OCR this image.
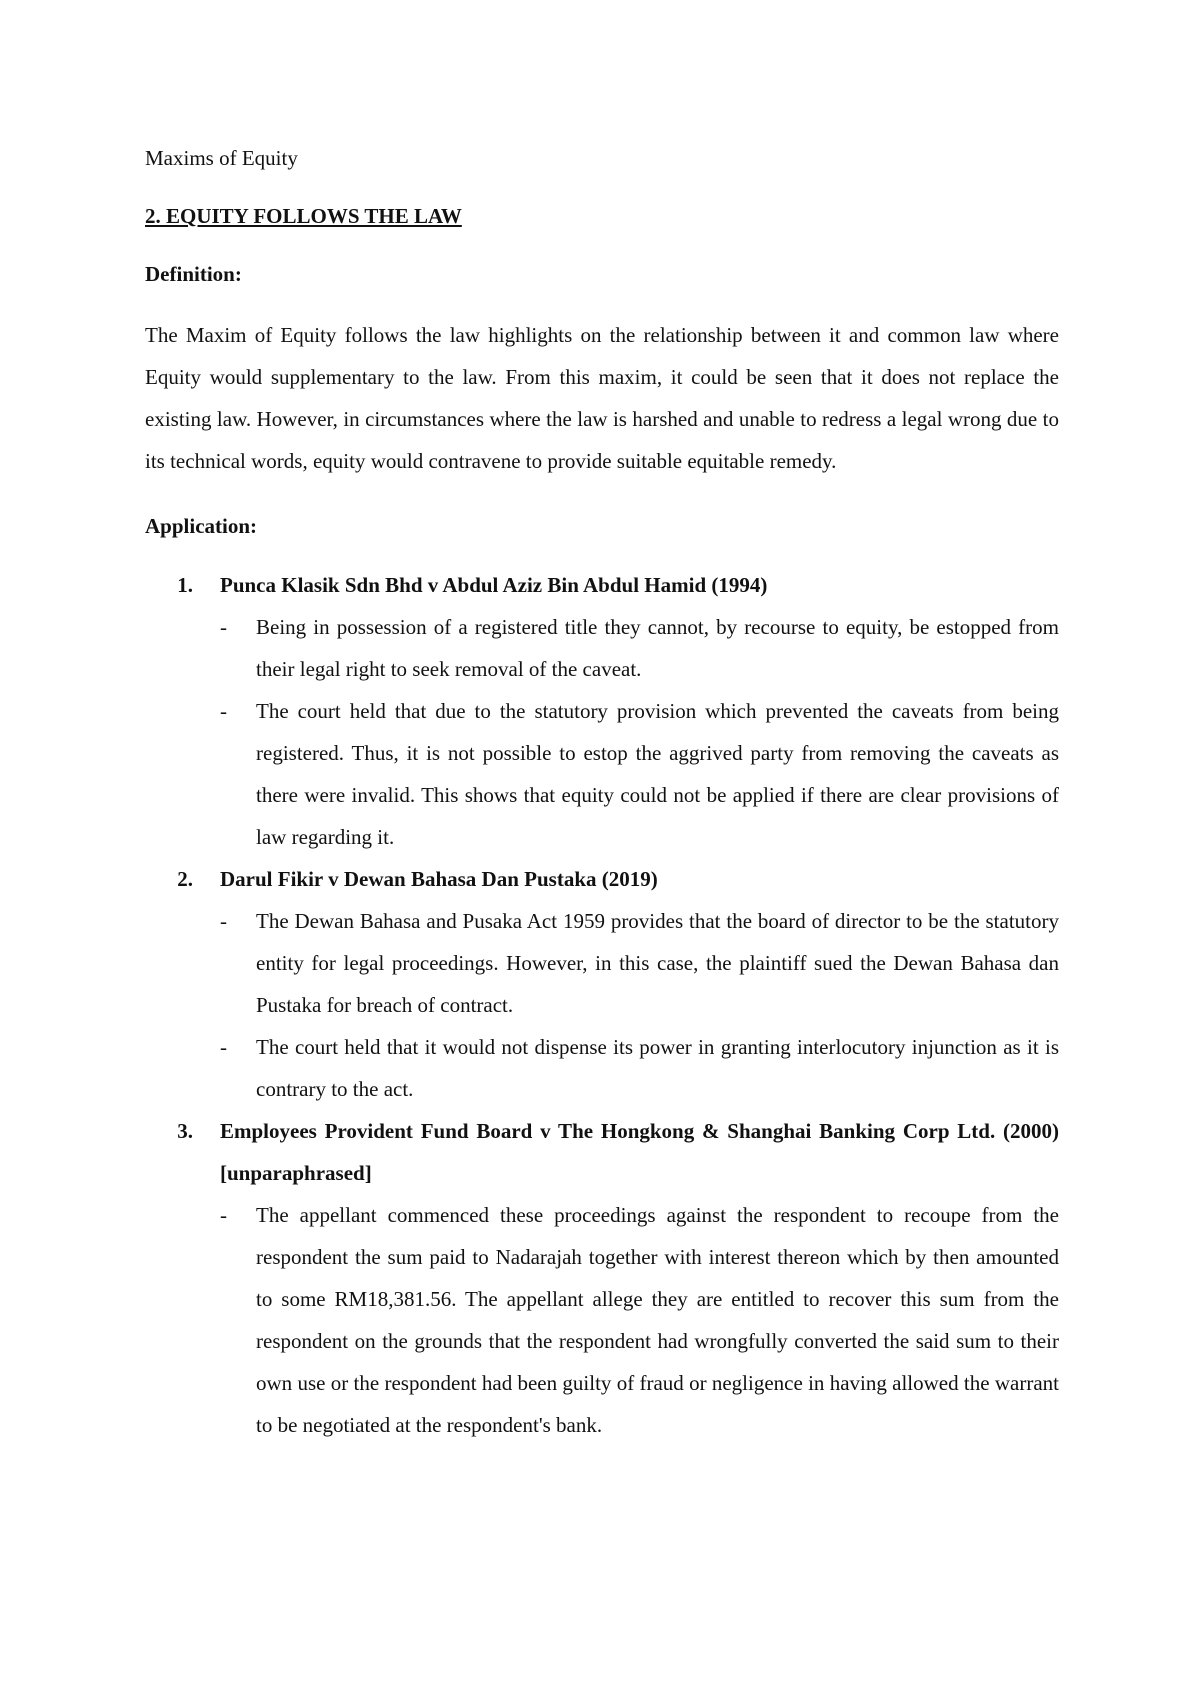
Maxims of Equity

2. EQUITY FOLLOWS THE LAW

Definition:

The Maxim of Equity follows the law highlights on the relationship between it and common law where Equity would supplementary to the law. From this maxim, it could be seen that it does not replace the existing law. However, in circumstances where the law is harshed and unable to redress a legal wrong due to its technical words, equity would contravene to provide suitable equitable remedy.

Application:

1. Punca Klasik Sdn Bhd v Abdul Aziz Bin Abdul Hamid (1994)
-	Being in possession of a registered title they cannot, by recourse to equity, be estopped from their legal right to seek removal of the caveat.
-	The court held that due to the statutory provision which prevented the caveats from being registered. Thus, it is not possible to estop the aggrived party from removing the caveats as there were invalid. This shows that equity could not be applied if there are clear provisions of law regarding it.
2. Darul Fikir v Dewan Bahasa Dan Pustaka (2019)
-	The Dewan Bahasa and Pusaka Act 1959 provides that the board of director to be the statutory entity for legal proceedings. However, in this case, the plaintiff sued the Dewan Bahasa dan Pustaka for breach of contract.
-	The court held that it would not dispense its power in granting interlocutory injunction as it is contrary to the act.
3. Employees Provident Fund Board v The Hongkong & Shanghai Banking Corp Ltd. (2000) [unparaphrased]
-	The appellant commenced these proceedings against the respondent to recoupe from the respondent the sum paid to Nadarajah together with interest thereon which by then amounted to some RM18,381.56. The appellant allege they are entitled to recover this sum from the respondent on the grounds that the respondent had wrongfully converted the said sum to their own use or the respondent had been guilty of fraud or negligence in having allowed the warrant to be negotiated at the respondent's bank.
